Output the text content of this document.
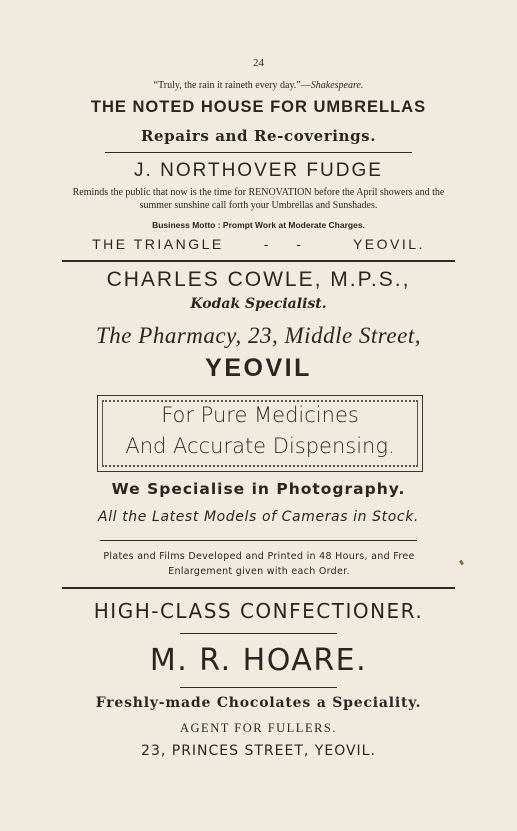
24
“Truly, the rain it raineth every day.”—Shakespeare.
THE NOTED HOUSE FOR UMBRELLAS
Repairs and Re-coverings.
J. NORTHOVER FUDGE
Reminds the public that now is the time for RENOVATION before the April showers and the summer sunshine call forth your Umbrellas and Sunshades.
Business Motto : Prompt Work at Moderate Charges.
THE TRIANGLE	- -	YEOVIL.
CHARLES COWLE, M.P.S.,
Kodak Specialist.
The Pharmacy, 23, Middle Street,
YEOVIL
For Pure Medicines
And Accurate Dispensing.
We Specialise in Photography.
All the Latest Models of Cameras in Stock.
Plates and Films Developed and Printed in 48 Hours, and Free Enlargement given with each Order.
HIGH-CLASS CONFECTIONER.
M. R. HOARE.
Freshly-made Chocolates a Speciality.
AGENT FOR FULLERS.
23, PRINCES STREET, YEOVIL.
